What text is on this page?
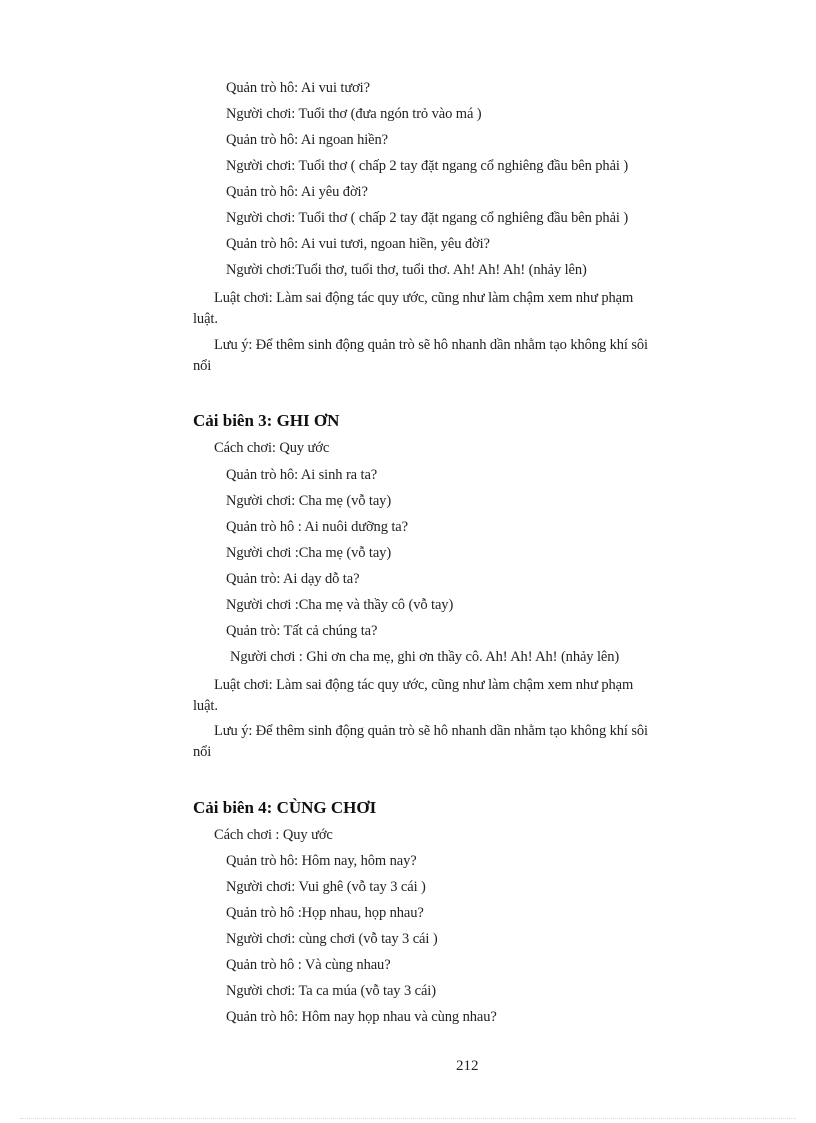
Quản trò hô: Ai vui tươi?
Người chơi: Tuổi thơ (đưa ngón trỏ vào má )
Quản trò hô: Ai ngoan hiền?
Người chơi: Tuổi thơ ( chấp 2 tay đặt ngang cổ nghiêng đầu bên phải )
Quản trò hô: Ai yêu đời?
Người chơi: Tuổi thơ ( chấp 2 tay đặt ngang cổ nghiêng đầu bên phải )
Quản trò hô: Ai vui tươi, ngoan hiền, yêu đời?
Người chơi:Tuổi thơ, tuổi thơ, tuổi thơ. Ah! Ah! Ah! (nhảy lên)
Luật chơi: Làm sai động tác quy ước, cũng như làm chậm xem như phạm
luật.
Lưu ý: Để thêm sinh động quản trò sẽ hô nhanh dần nhằm tạo không khí sôi
nổi
Cải biên 3: GHI ƠN
Cách chơi: Quy ước
Quản trò hô: Ai sinh ra ta?
Người chơi: Cha mẹ (vỗ tay)
Quản trò hô : Ai nuôi dưỡng ta?
Người chơi :Cha mẹ (vỗ tay)
Quản trò: Ai dạy dỗ ta?
Người chơi :Cha mẹ và thầy cô (vỗ tay)
Quản trò: Tất cả chúng ta?
Người chơi : Ghi ơn cha mẹ, ghi ơn thầy cô. Ah! Ah! Ah! (nhảy lên)
Luật chơi: Làm sai động tác quy ước, cũng như làm chậm xem như phạm
luật.
Lưu ý: Để thêm sinh động quản trò sẽ hô nhanh dần nhằm tạo không khí sôi
nổi
Cải biên 4: CÙNG CHƠI
Cách chơi : Quy ước
Quản trò hô: Hôm nay, hôm nay?
Người chơi: Vui ghê (vỗ tay 3 cái )
Quản trò hô :Họp nhau, họp nhau?
Người chơi: cùng chơi (vỗ tay 3 cái )
Quản trò hô : Và cùng nhau?
Người chơi: Ta ca múa (vỗ tay 3 cái)
Quản trò hô: Hôm nay họp nhau và cùng nhau?
212
